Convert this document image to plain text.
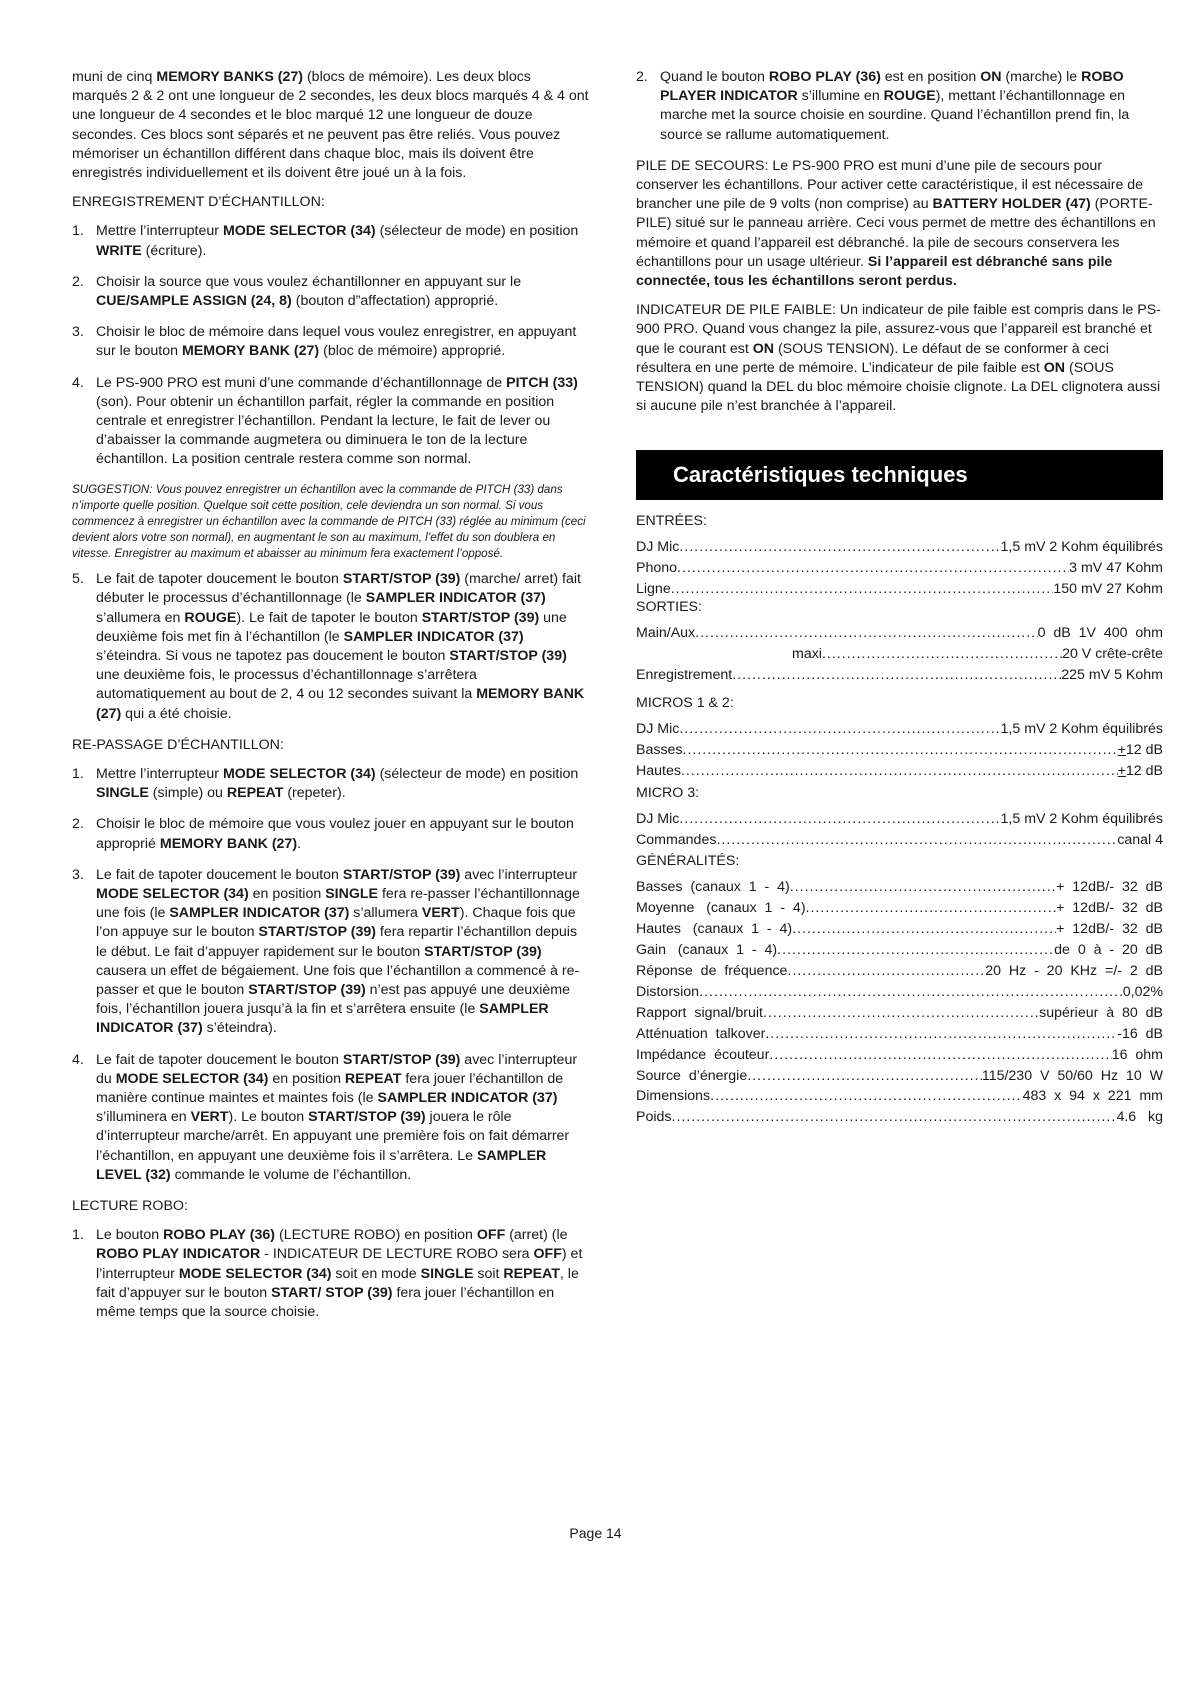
muni de cinq MEMORY BANKS (27) (blocs de mémoire). Les deux blocs marqués 2 & 2 ont une longueur de 2 secondes, les deux blocs marqués 4 & 4 ont une longueur de 4 secondes et le bloc marqué 12 une longueur de douze secondes. Ces blocs sont séparés et ne peuvent pas être reliés. Vous pouvez mémoriser un échantillon différent dans chaque bloc, mais ils doivent être enregistrés individuellement et ils doivent être joué un à la fois.

ENREGISTREMENT D’ÉCHANTILLON:
1 . Mettre l’interrupteur MODE SELECTOR (34) (sélecteur de mode) en position WRITE (écriture).
2 . Choisir la source que vous voulez échantillonner en appuyant sur le CUE/SAMPLE ASSIGN (24, 8) (bouton d”affectation) approprié.
3 . Choisir le bloc de mémoire dans lequel vous voulez enregistrer, en appuyant sur le bouton MEMORY BANK (27) (bloc de mémoire) approprié.
4 . Le PS-900 PRO est muni d’une commande d’échantillonnage de PITCH (33) (son). Pour obtenir un échantillon parfait, régler la commande en position centrale et enregistrer l’échantillon. Pendant la lecture, le fait de lever ou d’abaisser la commande augmetera ou diminuera le ton de la lecture échantillon. La position centrale restera comme son normal.
SUGGESTION: Vous pouvez enregistrer un échantillon avec la commande de PITCH (33) dans n’importe quelle position. Quelque soit cette position, cele deviendra un son normal. Si vous commencez à enregistrer un échantillon avec la commande de PITCH (33) réglée au minimum (ceci devient alors votre son normal), en augmentant le son au maximum, l’effet du son doublera en vitesse. Enregistrer au maximum et abaisser au minimum fera exactement l’opposé.
5 . Le fait de tapoter doucement le bouton START/STOP (39) (marche/ arret) fait débuter le processus d’échantillonnage (le SAMPLER INDICATOR (37) s’allumera en ROUGE). Le fait de tapoter le bouton START/STOP (39) une deuxième fois met fin à l’échantillon (le SAMPLER INDICATOR (37) s’éteindra. Si vous ne tapotez pas doucement le bouton START/STOP (39) une deuxième fois, le processus d’échantillonnage s’arrêtera automatiquement au bout de 2, 4 ou 12 secondes suivant la MEMORY BANK (27) qui a été choisie.
RE-PASSAGE D’ÉCHANTILLON:
1 . Mettre l’interrupteur MODE SELECTOR (34) (sélecteur de mode) en position SINGLE (simple) ou REPEAT (repeter).
2 . Choisir le bloc de mémoire que vous voulez jouer en appuyant sur le bouton approprié MEMORY BANK (27).
3 . Le fait de tapoter doucement le bouton START/STOP (39) avec l’interrupteur MODE SELECTOR (34) en position SINGLE fera re-passer l’échantillonnage une fois (le SAMPLER INDICATOR (37) s’allumera VERT). Chaque fois que l’on appuye sur le bouton START/STOP (39) fera repartir l’échantillon depuis le début. Le fait d’appuyer rapidement sur le bouton START/STOP (39) causera un effet de bégaiement. Une fois que l’échantillon a commencé à re-passer et que le bouton START/STOP (39) n’est pas appuyé une deuxième fois, l’échantillon jouera jusqu’à la fin et s’arrêtera ensuite (le SAMPLER INDICATOR (37) s’éteindra).
4 . Le fait de tapoter doucement le bouton START/STOP (39) avec l’interrupteur du MODE SELECTOR (34) en position REPEAT fera jouer l’échantillon de manière continue maintes et maintes fois (le SAMPLER INDICATOR (37) s’illuminera en VERT). Le bouton START/STOP (39) jouera le rôle d’interrupteur marche/arrêt. En appuyant une première fois on fait démarrer l’échantillon, en appuyant une deuxième fois il s’arrêtera. Le SAMPLER LEVEL (32) commande le volume de l’échantillon.
LECTURE ROBO:
1 . Le bouton ROBO PLAY (36) (LECTURE ROBO) en position OFF (arret) (le ROBO PLAY INDICATOR - INDICATEUR DE LECTURE ROBO sera OFF) et l’interrupteur MODE SELECTOR (34) soit en mode SINGLE soit REPEAT, le fait d’appuyer sur le bouton START/ STOP (39) fera jouer l’échantillon en même temps que la source choisie.
2 . Quand le bouton ROBO PLAY (36) est en position ON (marche) le ROBO PLAYER INDICATOR s’illumine en ROUGE), mettant l’échantillonnage en marche met la source choisie en sourdine. Quand l’échantillon prend fin, la source se rallume automatiquement.

PILE DE SECOURS: Le PS-900 PRO est muni d’une pile de secours pour conserver les échantillons. Pour activer cette caractéristique, il est nécessaire de brancher une pile de 9 volts (non comprise) au BATTERY HOLDER (47) (PORTE-PILE) situé sur le panneau arrière. Ceci vous permet de mettre des échantillons en mémoire et quand l’appareil est débranché. la pile de secours conservera les échantillons pour un usage ultérieur. Si l’appareil est débranché sans pile connectée, tous les échantillons seront perdus.

INDICATEUR DE PILE FAIBLE: Un indicateur de pile faible est compris dans le PS-900 PRO. Quand vous changez la pile, assurez-vous que l’appareil est branché et que le courant est ON (SOUS TENSION). Le défaut de se conformer à ceci résultera en une perte de mémoire. L’indicateur de pile faible est ON (SOUS TENSION) quand la DEL du bloc mémoire choisie clignote. La DEL clignotera aussi si aucune pile n’est branchée à l’appareil.

Caractéristiques techniques
ENTRÉES:
DJ Mic .....	1,5 mV 2 Kohm équilibrés
Phono .....	3 mV 47 Kohm
Ligne .....	150 mV 27 Kohm
SORTIES:
Main/Aux .....	0  dB  1V  400  ohm
maxi .....	20 V crête-crête
Enregistrement .....	225 mV 5 Kohm
MICROS 1 & 2:
DJ Mic .....	1,5 mV 2 Kohm équilibrés
Basses .....	+ 12 dB
Hautes .....	+ 12 dB
MICRO 3:
DJ Mic .....	1,5 mV 2 Kohm équilibrés
Commandes .....	canal 4
GÉNÉRALITÉS:
Basses  (canaux  1  -  4) .....	+  12dB/-  32  dB
Moyenne   (canaux  1  -  4) .....	+  12dB/-  32  dB
Hautes   (canaux  1  -  4) .....	+  12dB/-  32  dB
Gain   (canaux  1  -  4) .....	de  0  à  -  20  dB
Réponse  de  fréquence .....	20  Hz  -  20  KHz  =/-  2  dB
Distorsion .....	0,02%
Rapport  signal/bruit .....	supérieur  à  80  dB
Atténuation  talkover .....	-16  dB
Impédance  écouteur .....	16  ohm
Source  d’énergie .....	115/230  V  50/60  Hz  10  W
Dimensions .....	483  x  94  x  221  mm
Poids .....	4.6   kg
Page 14
